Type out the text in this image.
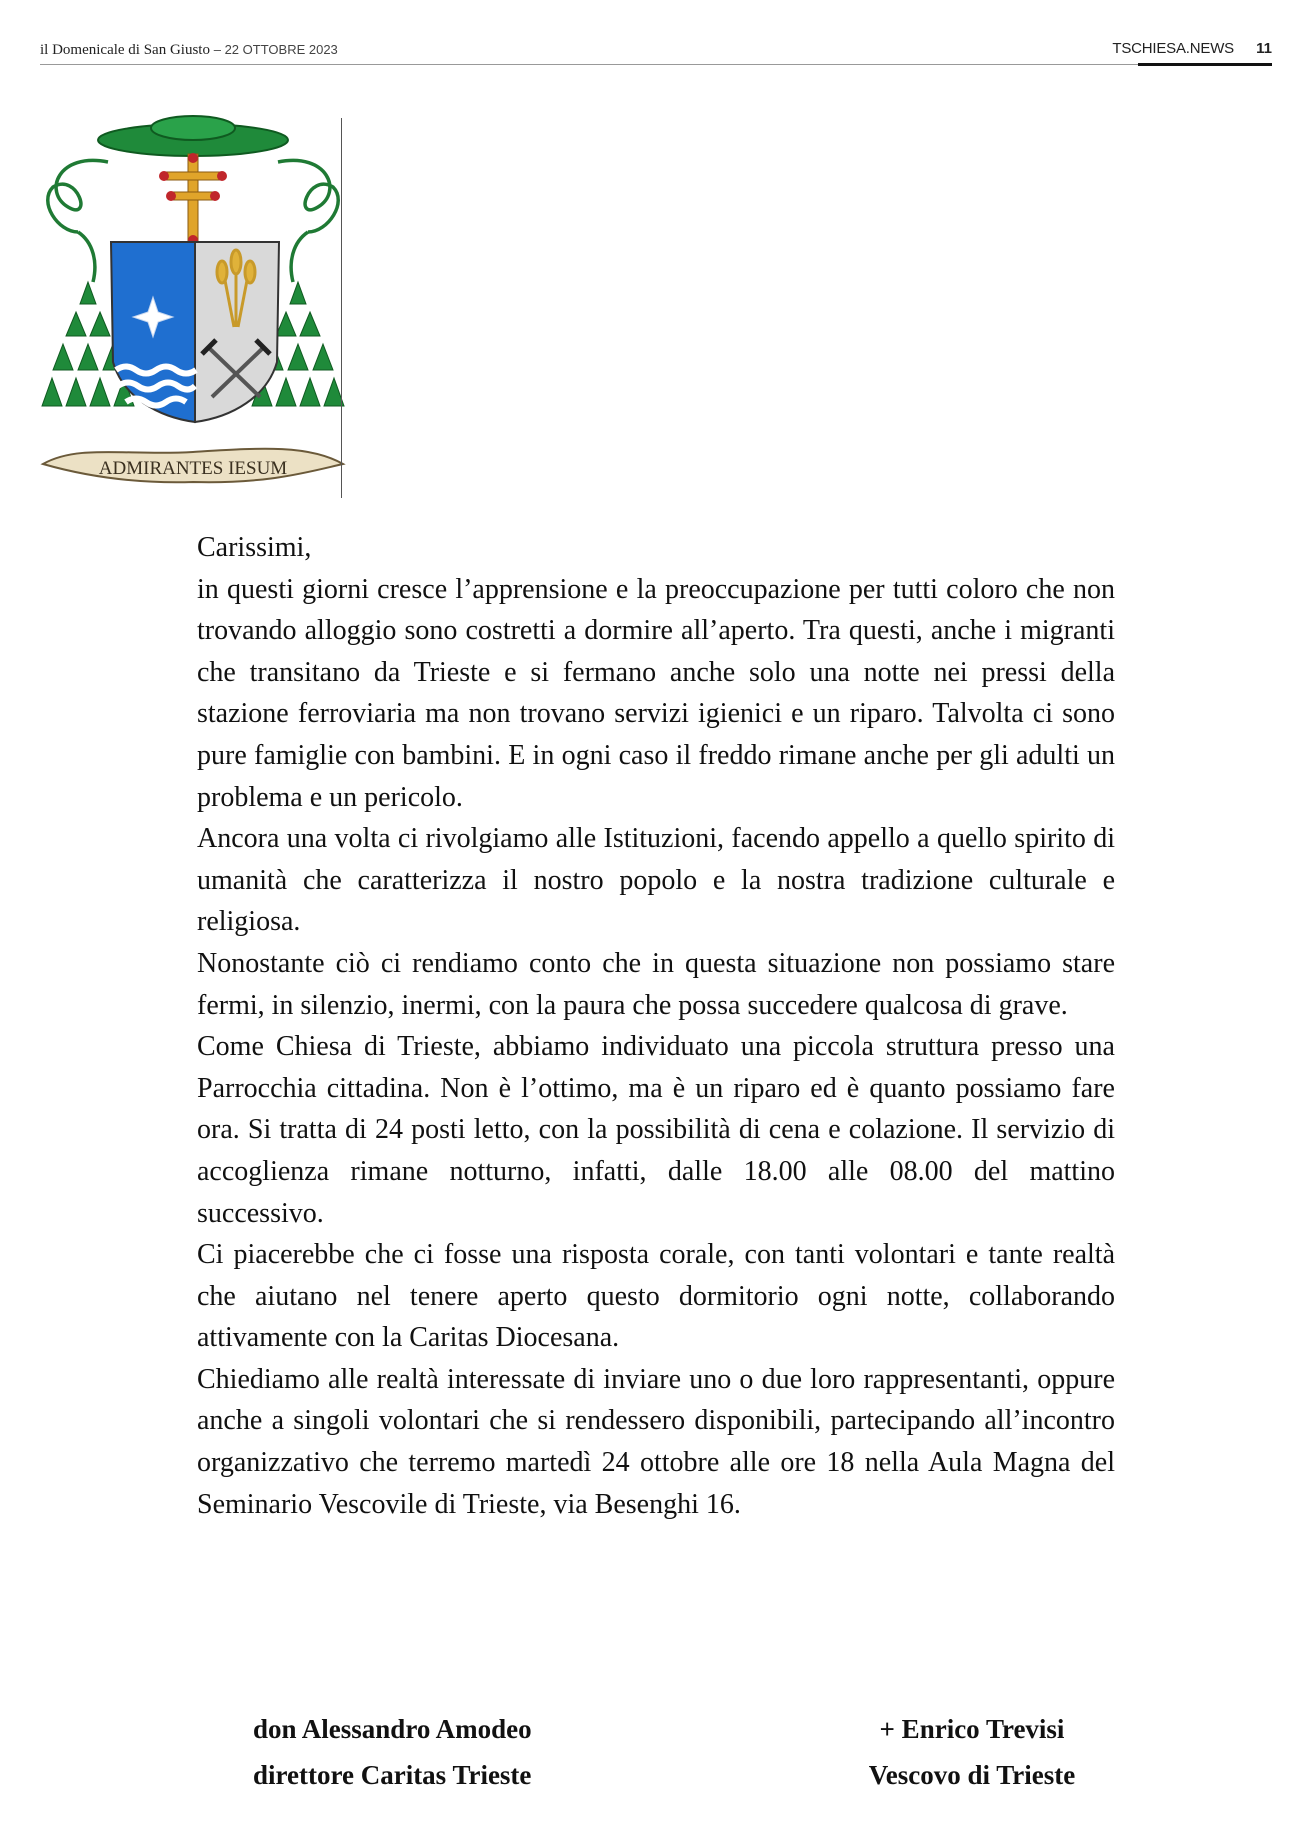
il Domenicale di San Giusto – 22 OTTOBRE 2023	TSCHIESA.NEWS 11
ADMIRANTES IESUM

Carissimi,

in questi giorni cresce l’apprensione e la preoccupazione per tutti coloro che non trovando alloggio sono costretti a dormire all’aperto. Tra questi, anche i migranti che transitano da Trieste e si fermano anche solo una notte nei pressi della stazione ferroviaria ma non trovano servizi igienici e un riparo. Talvolta ci sono pure famiglie con bambini. E in ogni caso il freddo rimane anche per gli adulti un problema e un pericolo.

Ancora una volta ci rivolgiamo alle Istituzioni, facendo appello a quello spirito di umanità che caratterizza il nostro popolo e la nostra tradizione culturale e religiosa.

Nonostante ciò ci rendiamo conto che in questa situazione non possiamo stare fermi, in silenzio, inermi, con la paura che possa succedere qualcosa di grave.

Come Chiesa di Trieste, abbiamo individuato una piccola struttura presso una Parrocchia cittadina. Non è l’ottimo, ma è un riparo ed è quanto possiamo fare ora. Si tratta di 24 posti letto, con la possibilità di cena e colazione. Il servizio di accoglienza rimane notturno, infatti, dalle 18.00 alle 08.00 del mattino successivo.

Ci piacerebbe che ci fosse una risposta corale, con tanti volontari e tante realtà che aiutano nel tenere aperto questo dormitorio ogni notte, collaborando attivamente con la Caritas Diocesana.

Chiediamo alle realtà interessate di inviare uno o due loro rappresentanti, oppure anche a singoli volontari che si rendessero disponibili, partecipando all’incontro organizzativo che terremo martedì 24 ottobre alle ore 18 nella Aula Magna del Seminario Vescovile di Trieste, via Besenghi 16.

don Alessandro Amodeo
direttore Caritas Trieste
+ Enrico Trevisi
Vescovo di Trieste
